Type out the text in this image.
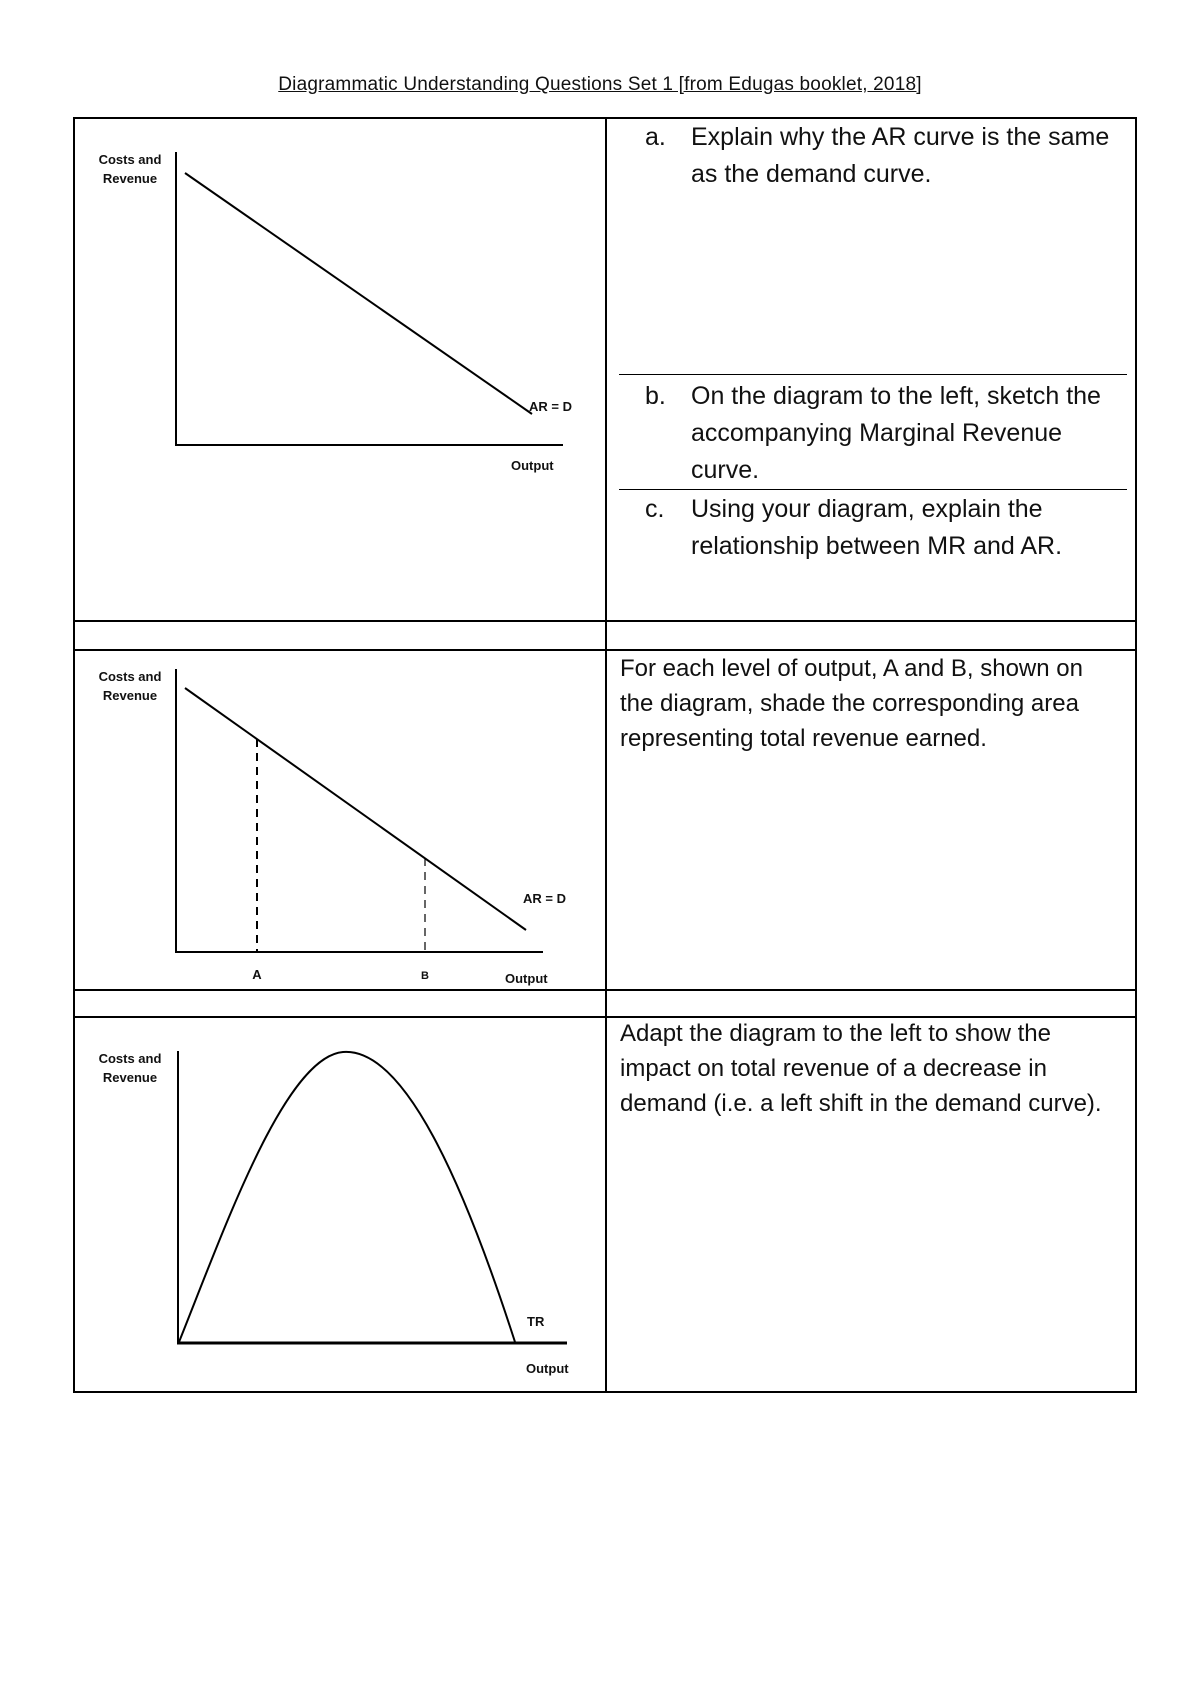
Diagrammatic Understanding Questions Set 1 [from Edugas booklet, 2018]
Costs and
Revenue
AR = D
Output
a.	Explain why the AR curve is the same as the demand curve.
b.	On the diagram to the left, sketch the accompanying Marginal Revenue curve.
c.	Using your diagram, explain the relationship between MR and AR.
Costs and
Revenue
AR = D
A	B	Output
For each level of output, A and B, shown on the diagram, shade the corresponding area representing total revenue earned.
Costs and
Revenue
TR
Output
Adapt the diagram to the left to show the impact on total revenue of a decrease in demand (i.e. a left shift in the demand curve).
